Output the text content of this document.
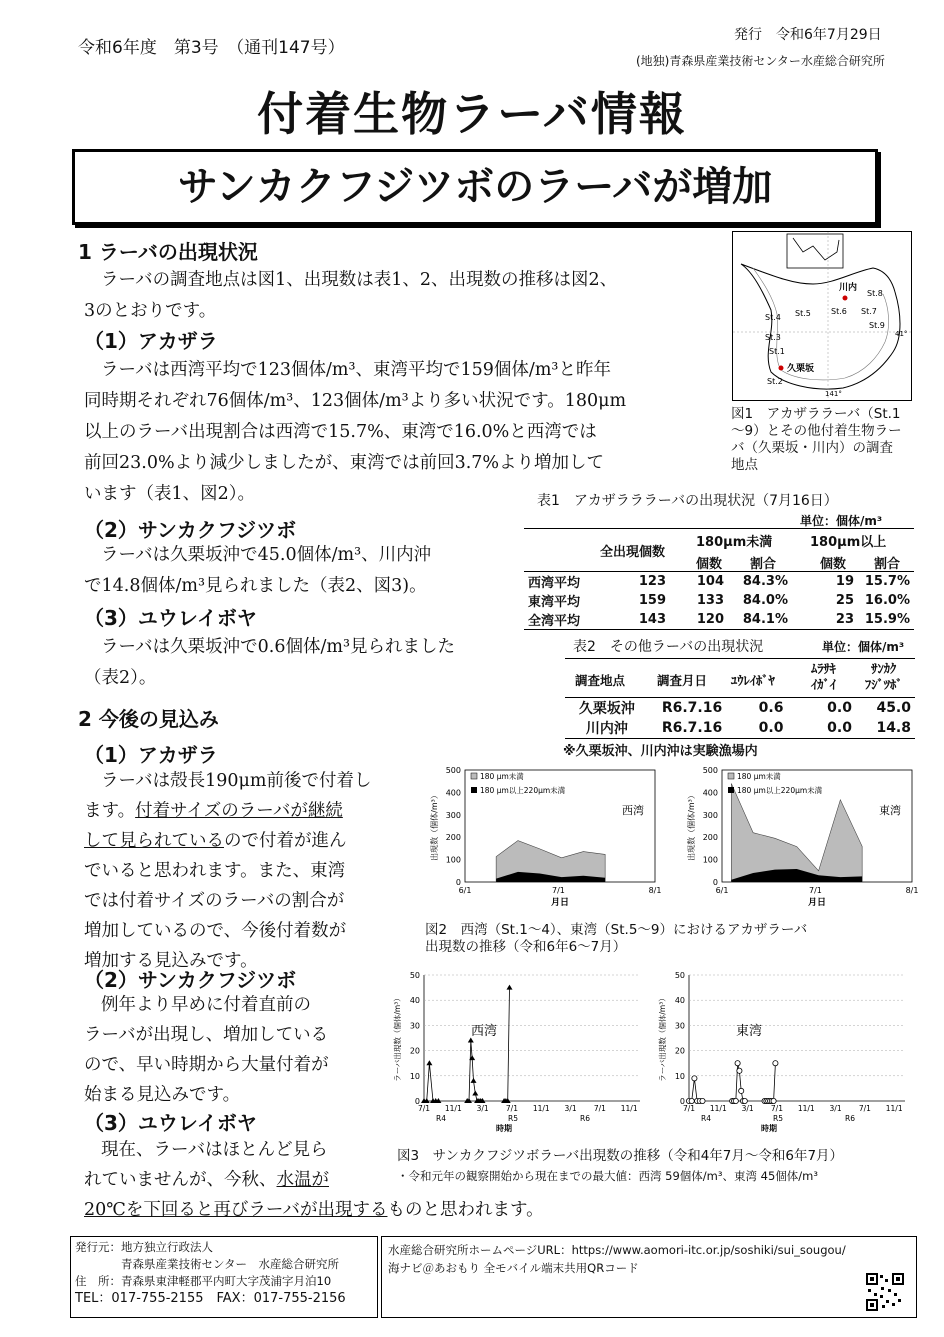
令和6年度　第3号　（通刊147号）
発行　令和6年7月29日
(地独)青森県産業技術センター水産総合研究所
付着生物ラーバ情報
サンカクフジツボのラーバが増加
1 ラーバの出現状況
ラーバの調査地点は図1、出現数は表1、2、出現数の推移は図2、
3のとおりです。
（1）アカザラ
ラーバは西湾平均で123個体/m³、東湾平均で159個体/m³と昨年
同時期それぞれ76個体/m³、123個体/m³より多い状況です。180μm
以上のラーバ出現割合は西湾で15.7%、東湾で16.0%と西湾では
前回23.0%より減少しましたが、東湾では前回3.7%より増加して
います（表1、図2）。
（2）サンカクフジツボ
ラーバは久栗坂沖で45.0個体/m³、川内沖
で14.8個体/m³見られました（表2、図3)。
（3）ユウレイボヤ
ラーバは久栗坂沖で0.6個体/m³見られました
（表2）。
St.4 St.5	St.6 St.7
St.8
St.9
St.3
St.1
St.2
川内
久栗坂
41°
141°
図1　アカザララーバ（St.1
～9）とその他付着生物ラー
バ（久栗坂・川内）の調査
地点
表1　アカザラララーバの出現状況（7月16日）
単位：個体/m³
全出現個数
180μm未満	180μm以上
個数 割合	個数 割合
西湾平均	123	104	84.3%	19	15.7%
東湾平均	159	133	84.0%	25	16.0%
全湾平均	143	120	84.1%	23	15.9%
表2　その他ラーバの出現状況	単位：個体/m³
調査地点	調査月日 ﾕｳﾚｲﾎﾞﾔ
ﾑﾗｻｷ
ｲｶﾞｲ
ｻﾝｶｸ
ﾌｼﾞﾂﾎﾞ
久栗坂沖	R6.7.16	0.6	0.0	45.0
川内沖	R6.7.16	0.0	0.0	14.8
※久栗坂沖、川内沖は実験漁場内
2 今後の見込み
（1）アカザラ
ラーバは殻長190μm前後で付着し
ます。付着サイズのラーバが継続
して見られているので付着が進ん
でいると思われます。また、東湾
では付着サイズのラーバの割合が
増加しているので、今後付着数が
増加する見込みです。
（2）サンカクフジツボ
例年より早めに付着直前の
ラーバが出現し、増加している
ので、早い時期から大量付着が
始まる見込みです。
（3）ユウレイボヤ
現在、ラーバはほとんど見ら
れていませんが、今秋、水温が
20℃を下回ると再びラーバが出現するものと思われます。
0
100
200
300
400
500
6/1	7/1	8/1
月日
出現数（個体/m³）
180 μm未満
180 μm以上220μm未満
西湾
0
100
200
300
400
500
6/1	7/1	8/1
月日
出現数（個体/m³）
180 μm未満
180 μm以上220μm未満
東湾
図2　西湾（St.1～4）、東湾（St.5～9）におけるアカザラーバ
出現数の推移（令和6年6～7月）
0
10
20
30
40
50
7/1 11/1 3/1 7/1 11/1 3/1 7/1 11/1
R4	R5	R6
時期
ラーバ出現数（個体/m³）	西湾
0
10
20
30
40
50
7/1 11/1 3/1 7/1 11/1 3/1 7/1 11/1
R4	R5	R6
時期
ラーバ出現数（個体/m³）	東湾
図3　サンカクフジツボラーバ出現数の推移（令和4年7月～令和6年7月）
・令和元年の観察開始から現在までの最大値：西湾 59個体/m³、東湾 45個体/m³
発行元：地方独立行政法人
青森県産業技術センター　水産総合研究所
住　所：青森県東津軽郡平内町大字茂浦字月泊10
TEL：017-755-2155　FAX：017-755-2156
水産総合研究所ホームページURL：https://www.aomori-itc.or.jp/soshiki/sui_sougou/
海ナビ＠あおもり 全モバイル端末共用QRコード
